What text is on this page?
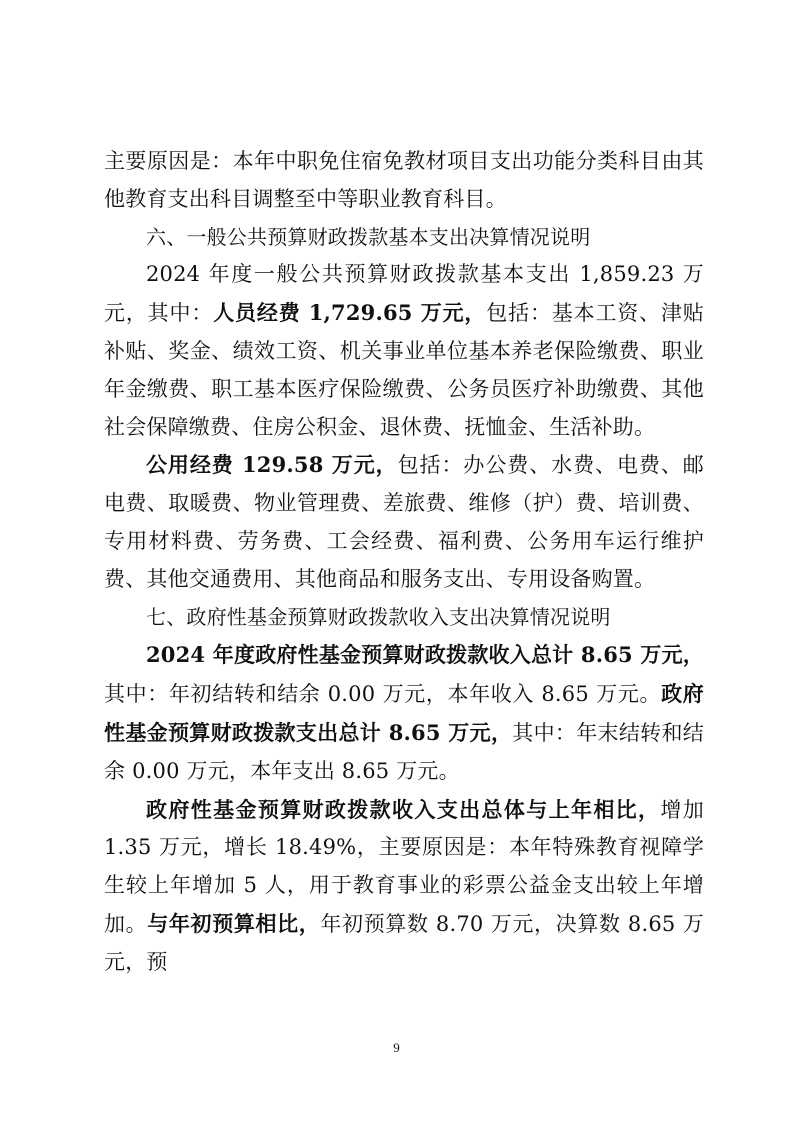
主要原因是：本年中职免住宿免教材项目支出功能分类科目由其他教育支出科目调整至中等职业教育科目。

六、一般公共预算财政拨款基本支出决算情况说明

2024 年度一般公共预算财政拨款基本支出 1,859.23 万元，其中：人员经费 1,729.65 万元，包括：基本工资、津贴补贴、奖金、绩效工资、机关事业单位基本养老保险缴费、职业年金缴费、职工基本医疗保险缴费、公务员医疗补助缴费、其他社会保障缴费、住房公积金、退休费、抚恤金、生活补助。

公用经费 129.58 万元，包括：办公费、水费、电费、邮电费、取暖费、物业管理费、差旅费、维修（护）费、培训费、专用材料费、劳务费、工会经费、福利费、公务用车运行维护费、其他交通费用、其他商品和服务支出、专用设备购置。

七、政府性基金预算财政拨款收入支出决算情况说明

2024 年度政府性基金预算财政拨款收入总计 8.65 万元，其中：年初结转和结余 0.00 万元，本年收入 8.65 万元。政府性基金预算财政拨款支出总计 8.65 万元，其中：年末结转和结余 0.00 万元，本年支出 8.65 万元。

政府性基金预算财政拨款收入支出总体与上年相比，增加 1.35 万元，增长 18.49%，主要原因是：本年特殊教育视障学生较上年增加 5 人，用于教育事业的彩票公益金支出较上年增加。与年初预算相比，年初预算数 8.70 万元，决算数 8.65 万元，预

9
